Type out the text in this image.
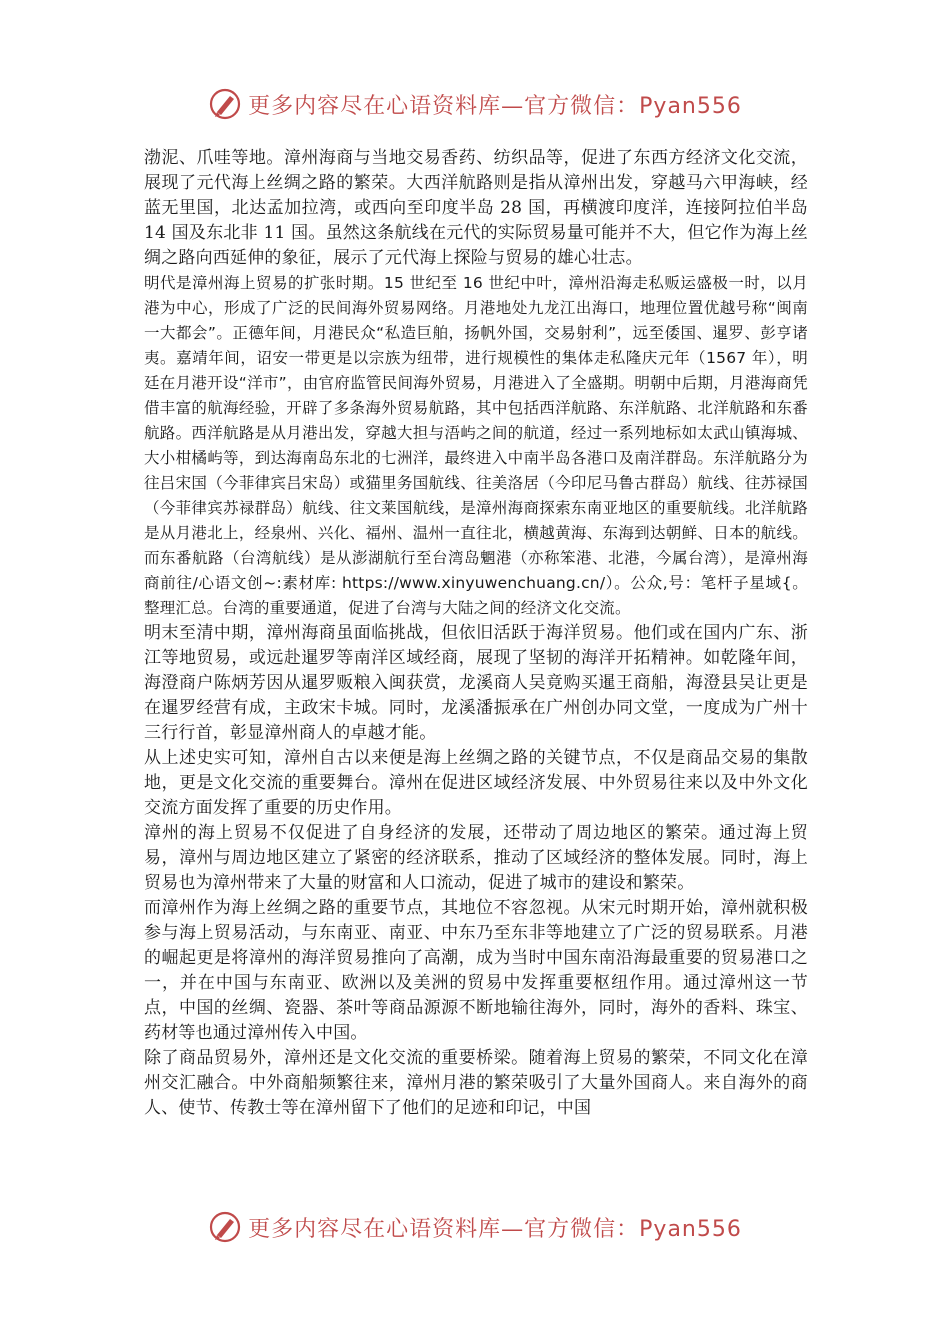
更多内容尽在心语资料库—官方微信：Pyan556

渤泥、爪哇等地。漳州海商与当地交易香药、纺织品等，促进了东西方经济文化交流，展现了元代海上丝绸之路的繁荣。大西洋航路则是指从漳州出发，穿越马六甲海峡，经蓝无里国，北达孟加拉湾，或西向至印度半岛 28 国，再横渡印度洋，连接阿拉伯半岛 14 国及东北非 11 国。虽然这条航线在元代的实际贸易量可能并不大，但它作为海上丝绸之路向西延伸的象征，展示了元代海上探险与贸易的雄心壮志。

明代是漳州海上贸易的扩张时期。15 世纪至 16 世纪中叶，漳州沿海走私贩运盛极一时，以月港为中心，形成了广泛的民间海外贸易网络。月港地处九龙江出海口，地理位置优越号称“闽南一大都会”。正德年间，月港民众“私造巨舶，扬帆外国，交易射利”，远至倭国、暹罗、彭亨诸夷。嘉靖年间，诏安一带更是以宗族为纽带，进行规模性的集体走私隆庆元年（1567 年），明廷在月港开设“洋市”，由官府监管民间海外贸易，月港进入了全盛期。明朝中后期，月港海商凭借丰富的航海经验，开辟了多条海外贸易航路，其中包括西洋航路、东洋航路、北洋航路和东番航路。西洋航路是从月港出发，穿越大担与浯屿之间的航道，经过一系列地标如太武山镇海城、大小柑橘屿等，到达海南岛东北的七洲洋，最终进入中南半岛各港口及南洋群岛。东洋航路分为往吕宋国（今菲律宾吕宋岛）或猫里务国航线、往美洛居（今印尼马鲁古群岛）航线、往苏禄国（今菲律宾苏禄群岛）航线、往文莱国航线，是漳州海商探索东南亚地区的重要航线。北洋航路是从月港北上，经泉州、兴化、福州、温州一直往北，横越黄海、东海到达朝鲜、日本的航线。而东番航路（台湾航线）是从澎湖航行至台湾岛魍港（亦称笨港、北港，今属台湾），是漳州海商前往/心语文创~:素材库: https://www.xinyuwenchuang.cn/）。公众,号：笔杆子星域{。整理汇总。台湾的重要通道，促进了台湾与大陆之间的经济文化交流。

明末至清中期，漳州海商虽面临挑战，但依旧活跃于海洋贸易。他们或在国内广东、浙江等地贸易，或远赴暹罗等南洋区域经商，展现了坚韧的海洋开拓精神。如乾隆年间，海澄商户陈炳芳因从暹罗贩粮入闽获赏，龙溪商人吴竟购买暹王商船，海澄县吴让更是在暹罗经营有成，主政宋卡城。同时，龙溪潘振承在广州创办同文堂，一度成为广州十三行行首，彰显漳州商人的卓越才能。

从上述史实可知，漳州自古以来便是海上丝绸之路的关键节点，不仅是商品交易的集散地，更是文化交流的重要舞台。漳州在促进区域经济发展、中外贸易往来以及中外文化交流方面发挥了重要的历史作用。

漳州的海上贸易不仅促进了自身经济的发展，还带动了周边地区的繁荣。通过海上贸易，漳州与周边地区建立了紧密的经济联系，推动了区域经济的整体发展。同时，海上贸易也为漳州带来了大量的财富和人口流动，促进了城市的建设和繁荣。

而漳州作为海上丝绸之路的重要节点，其地位不容忽视。从宋元时期开始，漳州就积极参与海上贸易活动，与东南亚、南亚、中东乃至东非等地建立了广泛的贸易联系。月港的崛起更是将漳州的海洋贸易推向了高潮，成为当时中国东南沿海最重要的贸易港口之一，并在中国与东南亚、欧洲以及美洲的贸易中发挥重要枢纽作用。通过漳州这一节点，中国的丝绸、瓷器、茶叶等商品源源不断地输往海外，同时，海外的香料、珠宝、药材等也通过漳州传入中国。

除了商品贸易外，漳州还是文化交流的重要桥梁。随着海上贸易的繁荣，不同文化在漳州交汇融合。中外商船频繁往来，漳州月港的繁荣吸引了大量外国商人。来自海外的商人、使节、传教士等在漳州留下了他们的足迹和印记，中国

更多内容尽在心语资料库—官方微信：Pyan556
